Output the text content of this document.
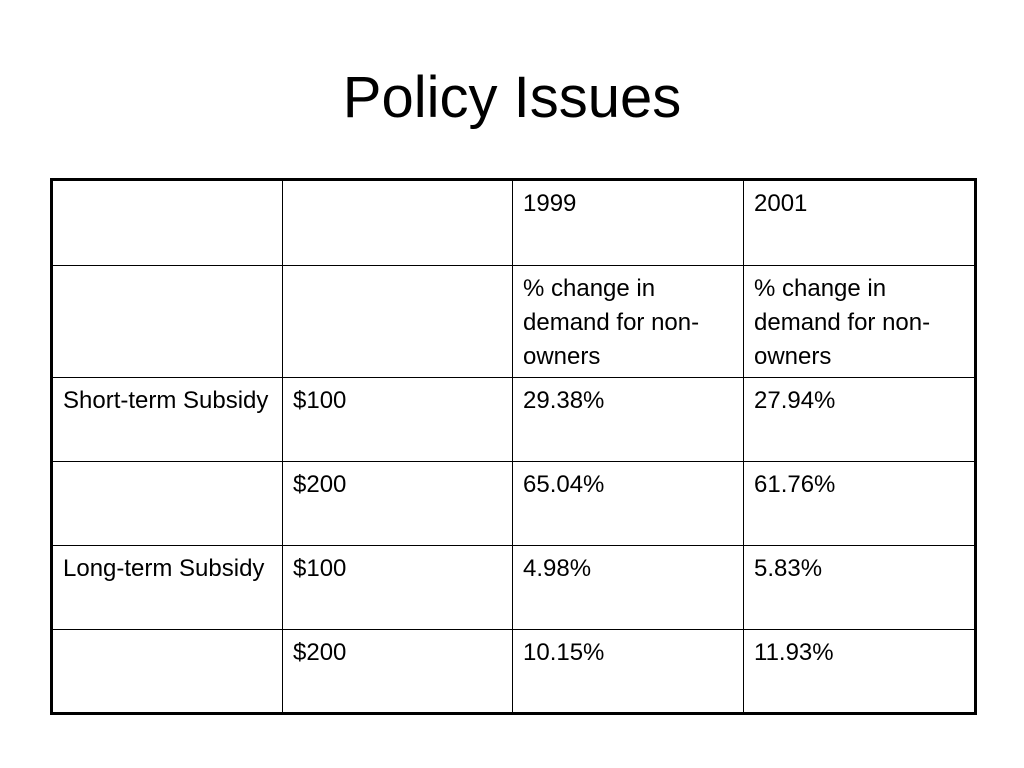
Policy Issues
		1999	2001
		% change in demand for non-owners	% change in demand for non-owners
Short-term Subsidy	$100	29.38%	27.94%
	$200	65.04%	61.76%
Long-term Subsidy	$100	4.98%	5.83%
	$200	10.15%	11.93%
